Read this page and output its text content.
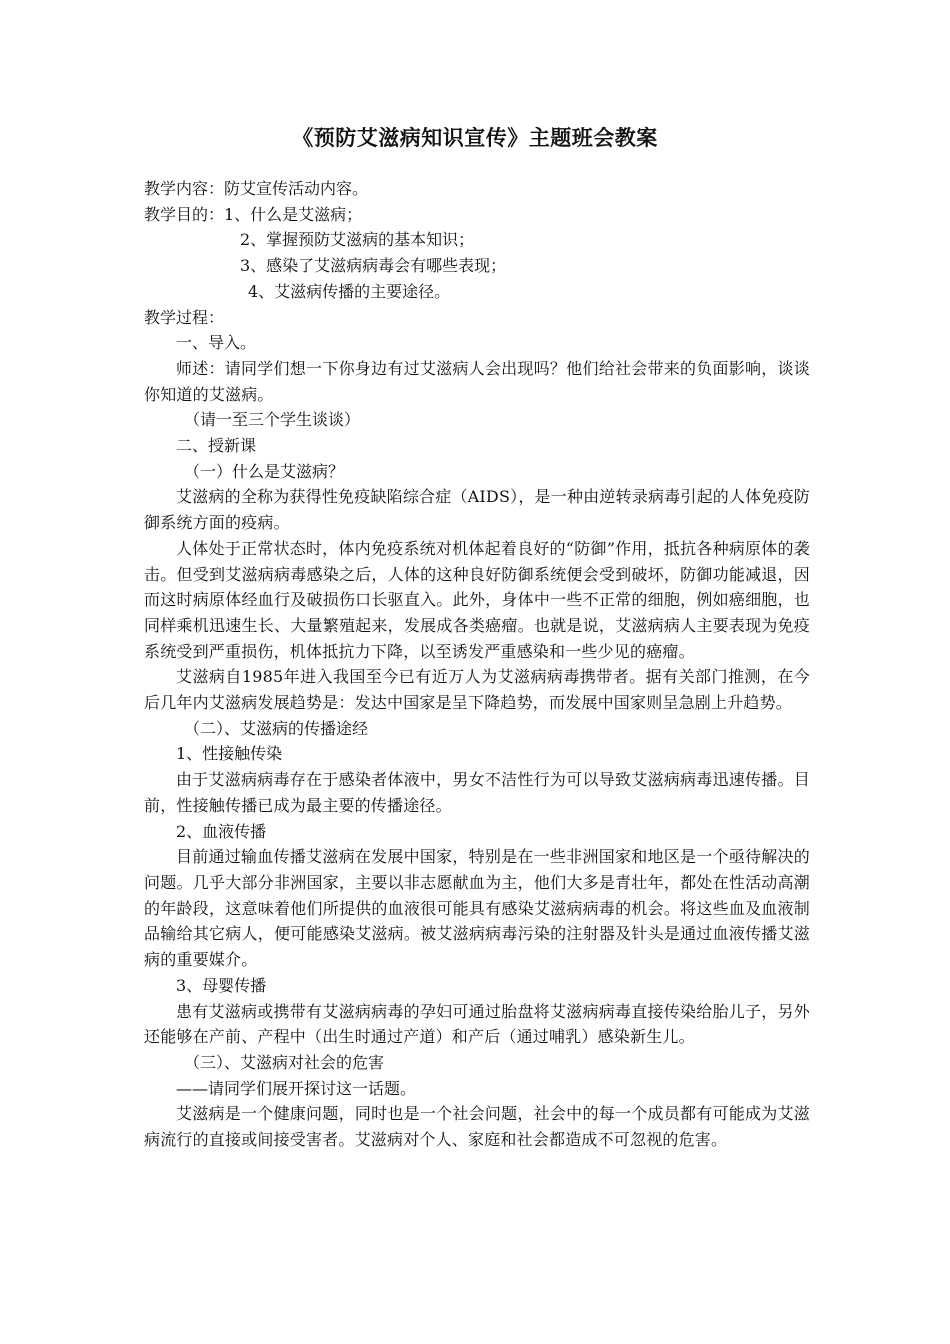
《预防艾滋病知识宣传》主题班会教案
教学内容：防艾宣传活动内容。
教学目的：1、什么是艾滋病；
2、掌握预防艾滋病的基本知识；
3、感染了艾滋病病毒会有哪些表现；
4、艾滋病传播的主要途径。
教学过程：
一、导入。
师述：请同学们想一下你身边有过艾滋病人会出现吗？他们给社会带来的负面影响，谈谈你知道的艾滋病。
（请一至三个学生谈谈）
二、授新课
（一）什么是艾滋病？
艾滋病的全称为获得性免疫缺陷综合症（AIDS），是一种由逆转录病毒引起的人体免疫防御系统方面的疫病。
人体处于正常状态时，体内免疫系统对机体起着良好的“防御”作用，抵抗各种病原体的袭击。但受到艾滋病病毒感染之后，人体的这种良好防御系统便会受到破坏，防御功能减退，因而这时病原体经血行及破损伤口长驱直入。此外，身体中一些不正常的细胞，例如癌细胞，也同样乘机迅速生长、大量繁殖起来，发展成各类癌瘤。也就是说，艾滋病病人主要表现为免疫系统受到严重损伤，机体抵抗力下降，以至诱发严重感染和一些少见的癌瘤。
艾滋病自1985年进入我国至今已有近万人为艾滋病病毒携带者。据有关部门推测，在今后几年内艾滋病发展趋势是：发达中国家是呈下降趋势，而发展中国家则呈急剧上升趋势。
（二）、艾滋病的传播途经
1、性接触传染
由于艾滋病病毒存在于感染者体液中，男女不洁性行为可以导致艾滋病病毒迅速传播。目前，性接触传播已成为最主要的传播途径。
2、血液传播
目前通过输血传播艾滋病在发展中国家，特别是在一些非洲国家和地区是一个亟待解决的问题。几乎大部分非洲国家，主要以非志愿献血为主，他们大多是青壮年，都处在性活动高潮的年龄段，这意味着他们所提供的血液很可能具有感染艾滋病病毒的机会。将这些血及血液制品输给其它病人，便可能感染艾滋病。被艾滋病病毒污染的注射器及针头是通过血液传播艾滋病的重要媒介。
3、母婴传播
患有艾滋病或携带有艾滋病病毒的孕妇可通过胎盘将艾滋病病毒直接传染给胎儿子，另外还能够在产前、产程中（出生时通过产道）和产后（通过哺乳）感染新生儿。
（三）、艾滋病对社会的危害
——请同学们展开探讨这一话题。
艾滋病是一个健康问题，同时也是一个社会问题，社会中的每一个成员都有可能成为艾滋病流行的直接或间接受害者。艾滋病对个人、家庭和社会都造成不可忽视的危害。
